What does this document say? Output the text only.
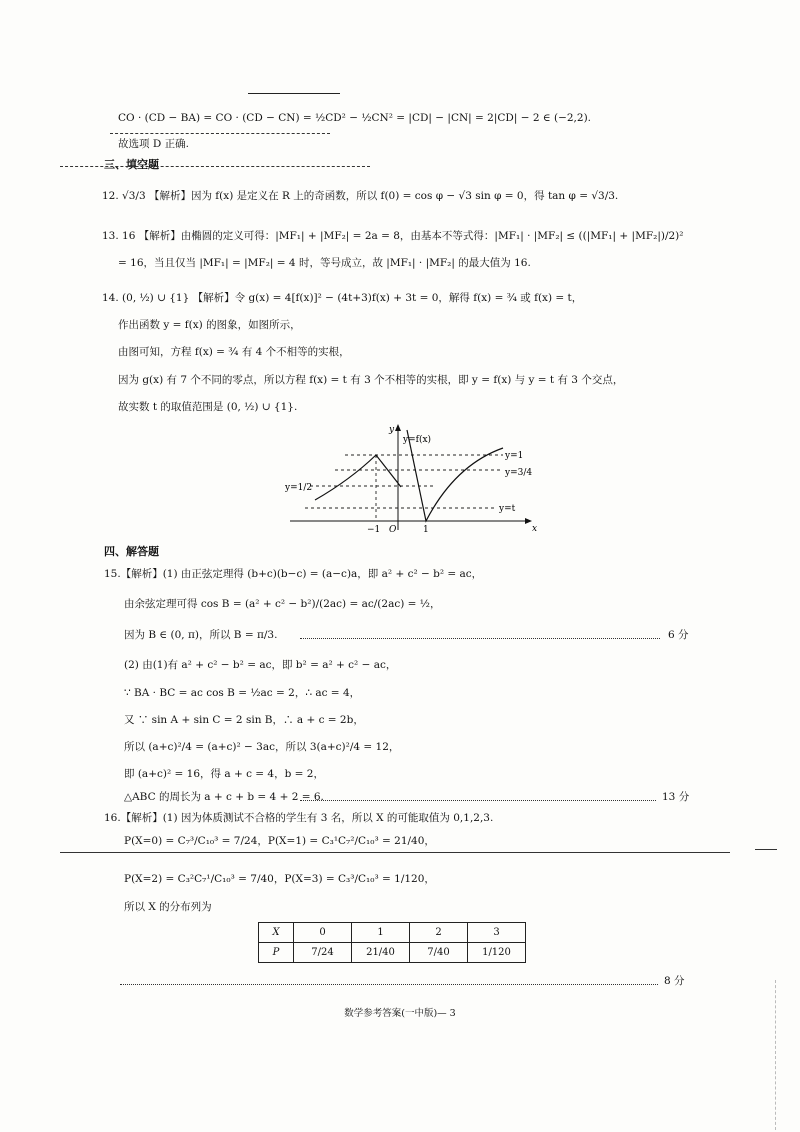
CO · (CD − BA) = CO · (CD − CN) = ½CD² − ½CN² = |CD| − |CN| = 2|CD| − 2 ∈ (−2,2).
故选项 D 正确.
三、填空题
12. √3/3 【解析】因为 f(x) 是定义在 R 上的奇函数，所以 f(0) = cos φ − √3 sin φ = 0，得 tan φ = √3/3.
13. 16 【解析】由椭圆的定义可得：|MF₁| + |MF₂| = 2a = 8，由基本不等式得：|MF₁| · |MF₂| ≤ ((|MF₁| + |MF₂|)/2)²
= 16，当且仅当 |MF₁| = |MF₂| = 4 时，等号成立，故 |MF₁| · |MF₂| 的最大值为 16.
14. (0, ½) ∪ {1} 【解析】令 g(x) = 4[f(x)]² − (4t+3)f(x) + 3t = 0，解得 f(x) = ¾ 或 f(x) = t，
作出函数 y = f(x) 的图象，如图所示，
由图可知，方程 f(x) = ¾ 有 4 个不相等的实根，
因为 g(x) 有 7 个不同的零点，所以方程 f(x) = t 有 3 个不相等的实根，即 y = f(x) 与 y = t 有 3 个交点，
故实数 t 的取值范围是 (0, ½) ∪ {1}.
y=f(x)
y=1
y=3/4
y=1/2
y=t
x
y
−1 O	1
四、解答题
15.【解析】(1) 由正弦定理得 (b+c)(b−c) = (a−c)a，即 a² + c² − b² = ac，
由余弦定理可得 cos B = (a² + c² − b²)/(2ac) = ac/(2ac) = ½，
因为 B ∈ (0, π)，所以 B = π/3.	6 分
(2) 由(1)有 a² + c² − b² = ac，即 b² = a² + c² − ac，
∵ BA · BC = ac cos B = ½ac = 2，∴ ac = 4，
又 ∵ sin A + sin C = 2 sin B，∴ a + c = 2b，
所以 (a+c)²/4 = (a+c)² − 3ac，所以 3(a+c)²/4 = 12，
即 (a+c)² = 16，得 a + c = 4，b = 2，
△ABC 的周长为 a + c + b = 4 + 2 = 6.	13 分
16.【解析】(1) 因为体质测试不合格的学生有 3 名，所以 X 的可能取值为 0,1,2,3.
P(X=0) = C₇³/C₁₀³ = 7/24，P(X=1) = C₃¹C₇²/C₁₀³ = 21/40，
P(X=2) = C₃²C₇¹/C₁₀³ = 7/40，P(X=3) = C₃³/C₁₀³ = 1/120，
所以 X 的分布列为
X	0	1	2	3
P	7/24	21/40	7/40	1/120
8 分
数学参考答案(一中版)— 3
